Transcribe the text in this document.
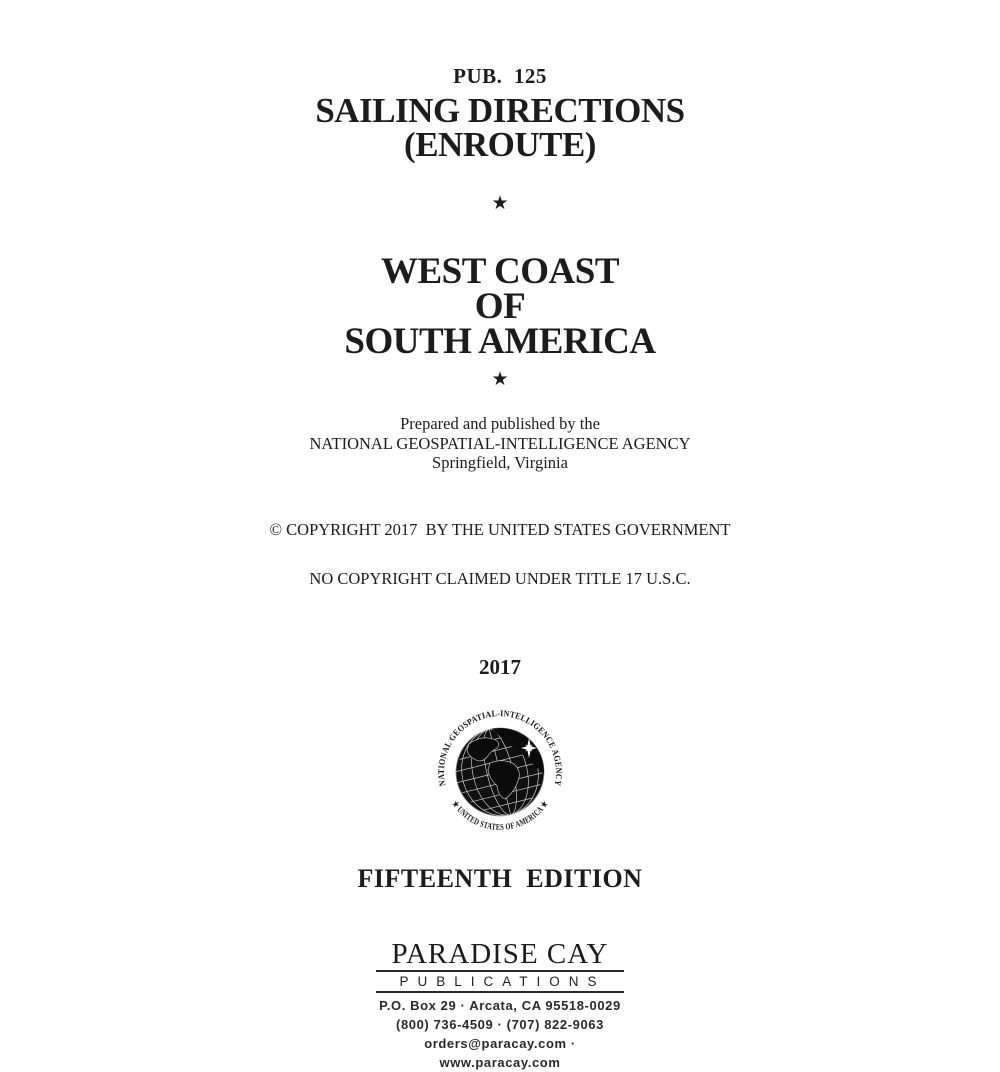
PUB.  125
SAILING DIRECTIONS
(ENROUTE)
★
WEST COAST
OF
SOUTH AMERICA
★
Prepared and published by the
NATIONAL GEOSPATIAL-INTELLIGENCE AGENCY
Springfield, Virginia

© COPYRIGHT 2017  BY THE UNITED STATES GOVERNMENT

NO COPYRIGHT CLAIMED UNDER TITLE 17 U.S.C.

2017
NATIONAL GEOSPATIAL-INTELLIGENCE AGENCY
★ UNITED STATES OF AMERICA ★
FIFTEENTH  EDITION
PARADISE CAY
PUBLICATIONS
P.O. Box 29 · Arcata, CA 95518-0029
(800) 736-4509 · (707) 822-9063
orders@paracay.com · www.paracay.com
